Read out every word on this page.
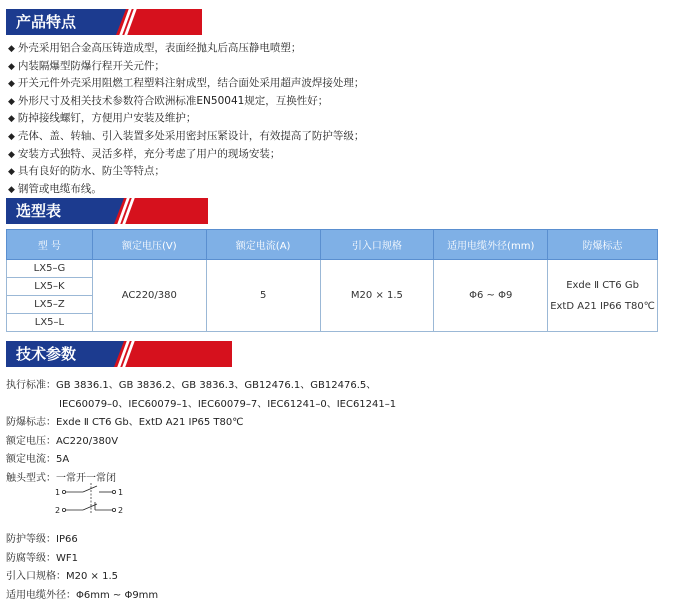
产品特点
◆ 外壳采用铝合金高压铸造成型，表面经抛丸后高压静电喷塑；
◆ 内装隔爆型防爆行程开关元件；
◆ 开关元件外壳采用阻燃工程塑料注射成型，结合面处采用超声波焊接处理；
◆ 外形尺寸及相关技术参数符合欧洲标准EN50041规定，互换性好；
◆ 防掉接线螺钉，方便用户安装及维护；
◆ 壳体、盖、转轴、引入装置多处采用密封压紧设计，有效提高了防护等级；
◆ 安装方式独特、灵活多样，充分考虑了用户的现场安装；
◆ 具有良好的防水、防尘等特点；
◆ 钢管或电缆布线。
选型表
型 号	额定电压(V)	额定电流(A)	引入口规格	适用电缆外径(mm)	防爆标志
LX5–G	AC220/380	5	M20 × 1.5	Φ6 ~ Φ9	Exde Ⅱ CT6 Gb
ExtD A21 IP66 T80℃

LX5–K					
LX5–Z					
LX5–L					
技术参数
执行标准：GB 3836.1、GB 3836.2、GB 3836.3、GB12476.1、GB12476.5、
IEC60079–0、IEC60079–1、IEC60079–7、IEC61241–0、IEC61241–1
防爆标志：Exde Ⅱ CT6 Gb、ExtD A21 IP65 T80℃
额定电压：AC220/380V
额定电流：5A
触头型式：一常开一常闭
防护等级：IP66
防腐等级：WF1
引入口规格：M20 × 1.5
适用电缆外径：Φ6mm ~ Φ9mm
1	1
2	2
